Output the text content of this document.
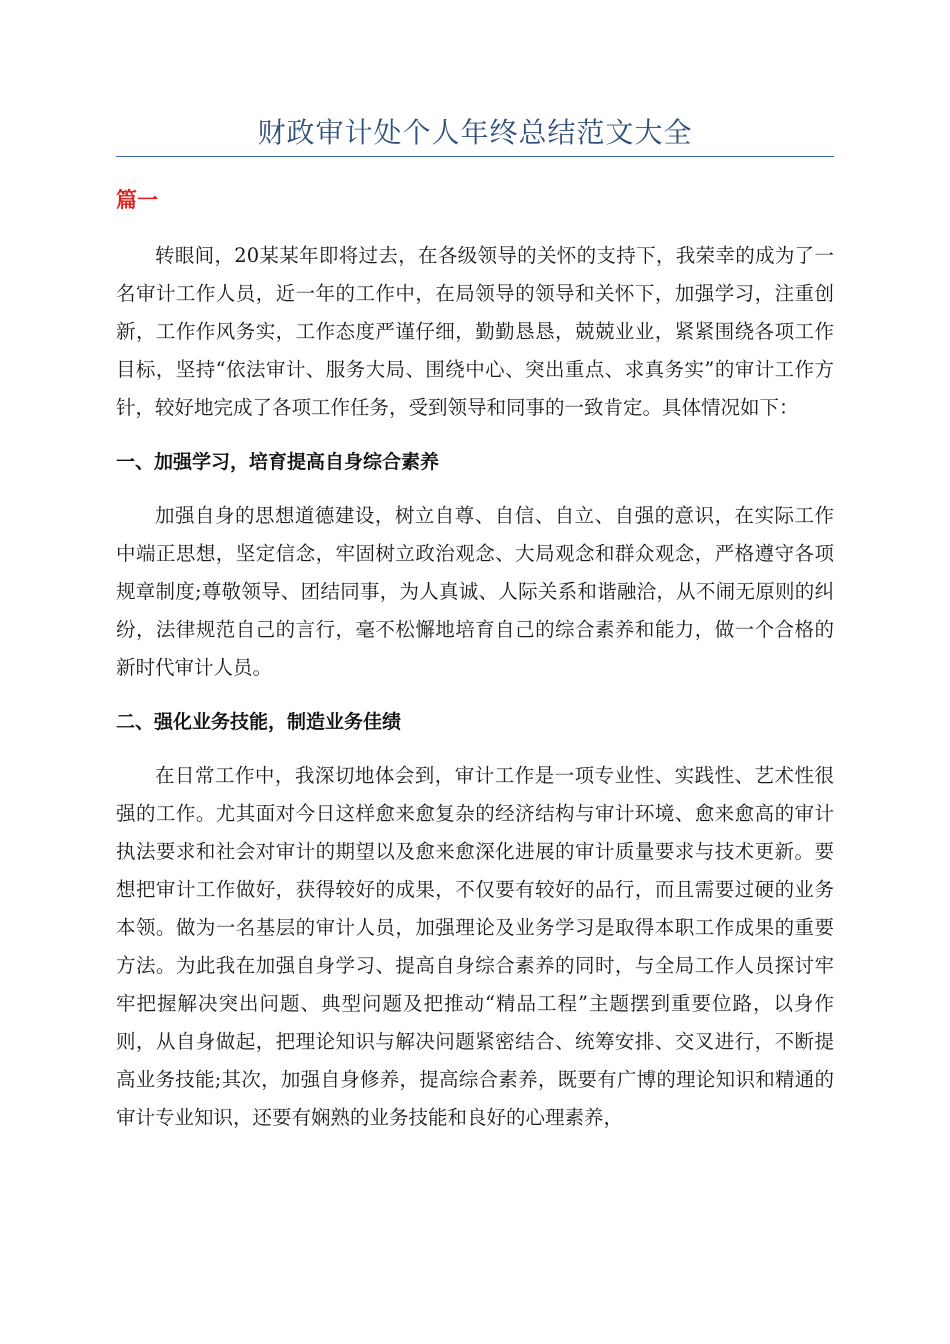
财政审计处个人年终总结范文大全
篇一

转眼间，20某某年即将过去，在各级领导的关怀的支持下，我荣幸的成为了一名审计工作人员，近一年的工作中，在局领导的领导和关怀下，加强学习，注重创新，工作作风务实，工作态度严谨仔细，勤勤恳恳，兢兢业业，紧紧围绕各项工作目标，坚持“依法审计、服务大局、围绕中心、突出重点、求真务实”的审计工作方针，较好地完成了各项工作任务，受到领导和同事的一致肯定。具体情况如下：

一、加强学习，培育提高自身综合素养

加强自身的思想道德建设，树立自尊、自信、自立、自强的意识，在实际工作中端正思想，坚定信念，牢固树立政治观念、大局观念和群众观念，严格遵守各项规章制度;尊敬领导、团结同事，为人真诚、人际关系和谐融洽，从不闹无原则的纠纷，法律规范自己的言行，毫不松懈地培育自己的综合素养和能力，做一个合格的新时代审计人员。

二、强化业务技能，制造业务佳绩

在日常工作中，我深切地体会到，审计工作是一项专业性、实践性、艺术性很强的工作。尤其面对今日这样愈来愈复杂的经济结构与审计环境、愈来愈高的审计执法要求和社会对审计的期望以及愈来愈深化进展的审计质量要求与技术更新。要想把审计工作做好，获得较好的成果，不仅要有较好的品行，而且需要过硬的业务本领。做为一名基层的审计人员，加强理论及业务学习是取得本职工作成果的重要方法。为此我在加强自身学习、提高自身综合素养的同时，与全局工作人员探讨牢牢把握解决突出问题、典型问题及把推动“精品工程”主题摆到重要位路，以身作则，从自身做起，把理论知识与解决问题紧密结合、统筹安排、交叉进行，不断提高业务技能;其次，加强自身修养，提高综合素养，既要有广博的理论知识和精通的审计专业知识，还要有娴熟的业务技能和良好的心理素养，
